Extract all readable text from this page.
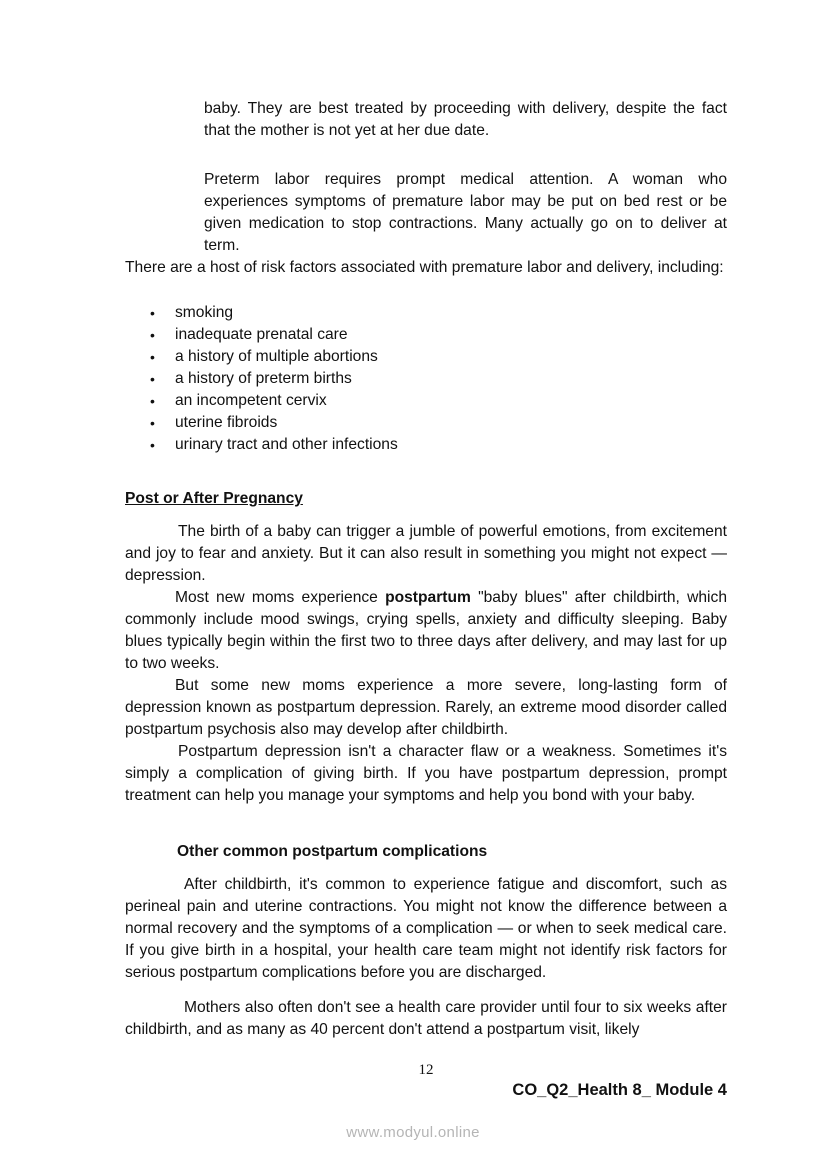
baby. They are best treated by proceeding with delivery, despite the fact that the mother is not yet at her due date.

Preterm labor requires prompt medical attention. A woman who experiences symptoms of premature labor may be put on bed rest or be given medication to stop contractions. Many actually go on to deliver at term.

There are a host of risk factors associated with premature labor and delivery, including:

• smoking
• inadequate prenatal care
• a history of multiple abortions
• a history of preterm births
• an incompetent cervix
• uterine fibroids
• urinary tract and other infections
Post or After Pregnancy

The birth of a baby can trigger a jumble of powerful emotions, from excitement and joy to fear and anxiety. But it can also result in something you might not expect — depression.

Most new moms experience postpartum "baby blues" after childbirth, which commonly include mood swings, crying spells, anxiety and difficulty sleeping. Baby blues typically begin within the first two to three days after delivery, and may last for up to two weeks.

But some new moms experience a more severe, long-lasting form of depression known as postpartum depression. Rarely, an extreme mood disorder called postpartum psychosis also may develop after childbirth.

Postpartum depression isn't a character flaw or a weakness. Sometimes it's simply a complication of giving birth. If you have postpartum depression, prompt treatment can help you manage your symptoms and help you bond with your baby.

Other common postpartum complications

After childbirth, it's common to experience fatigue and discomfort, such as perineal pain and uterine contractions. You might not know the difference between a normal recovery and the symptoms of a complication — or when to seek medical care. If you give birth in a hospital, your health care team might not identify risk factors for serious postpartum complications before you are discharged.

Mothers also often don't see a health care provider until four to six weeks after childbirth, and as many as 40 percent don't attend a postpartum visit, likely

12
CO_Q2_Health 8_ Module 4
www.modyul.online
